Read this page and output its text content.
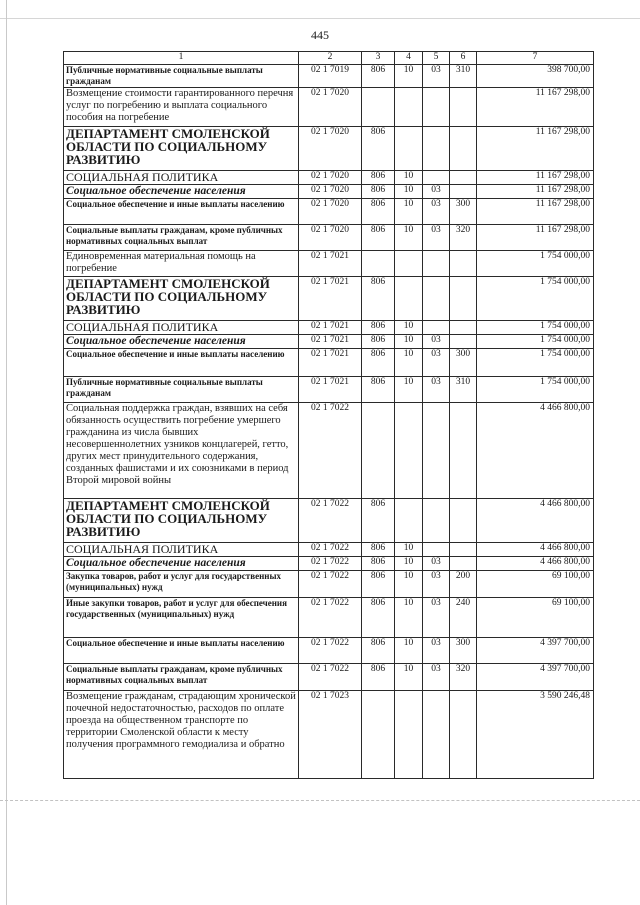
445
1	2	3	4	5	6	7
Публичные нормативные социальные выплаты гражданам	02 1 7019	806	10	03	310	398 700,00
Возмещение стоимости гарантированного перечня услуг по погребению и выплата социального пособия на погребение	02 1 7020					11 167 298,00
ДЕПАРТАМЕНТ СМОЛЕНСКОЙ ОБЛАСТИ ПО СОЦИАЛЬНОМУ РАЗВИТИЮ	02 1 7020	806				11 167 298,00
СОЦИАЛЬНАЯ ПОЛИТИКА	02 1 7020	806	10			11 167 298,00
Социальное обеспечение населения	02 1 7020	806	10	03		11 167 298,00
Социальное обеспечение и иные выплаты населению	02 1 7020	806	10	03	300	11 167 298,00
Социальные выплаты гражданам, кроме публичных нормативных социальных выплат	02 1 7020	806	10	03	320	11 167 298,00
Единовременная материальная помощь на погребение	02 1 7021					1 754 000,00
ДЕПАРТАМЕНТ СМОЛЕНСКОЙ ОБЛАСТИ ПО СОЦИАЛЬНОМУ РАЗВИТИЮ	02 1 7021	806				1 754 000,00
СОЦИАЛЬНАЯ ПОЛИТИКА	02 1 7021	806	10			1 754 000,00
Социальное обеспечение населения	02 1 7021	806	10	03		1 754 000,00
Социальное обеспечение и иные выплаты населению	02 1 7021	806	10	03	300	1 754 000,00
Публичные нормативные социальные выплаты гражданам	02 1 7021	806	10	03	310	1 754 000,00
Социальная поддержка граждан, взявших на себя обязанность осуществить погребение умершего гражданина из числа бывших несовершеннолетних узников концлагерей, гетто, других мест принудительного содержания, созданных фашистами и их союзниками в период Второй мировой войны	02 1 7022					4 466 800,00
ДЕПАРТАМЕНТ СМОЛЕНСКОЙ ОБЛАСТИ ПО СОЦИАЛЬНОМУ РАЗВИТИЮ	02 1 7022	806				4 466 800,00
СОЦИАЛЬНАЯ ПОЛИТИКА	02 1 7022	806	10			4 466 800,00
Социальное обеспечение населения	02 1 7022	806	10	03		4 466 800,00
Закупка товаров, работ и услуг для государственных (муниципальных) нужд	02 1 7022	806	10	03	200	69 100,00
Иные закупки товаров, работ и услуг для обеспечения государственных (муниципальных) нужд	02 1 7022	806	10	03	240	69 100,00
Социальное обеспечение и иные выплаты населению	02 1 7022	806	10	03	300	4 397 700,00
Социальные выплаты гражданам, кроме публичных нормативных социальных выплат	02 1 7022	806	10	03	320	4 397 700,00
Возмещение гражданам, страдающим хронической почечной недостаточностью, расходов по оплате проезда на общественном транспорте по территории Смоленской области к месту получения программного гемодиализа и обратно	02 1 7023					3 590 246,48
